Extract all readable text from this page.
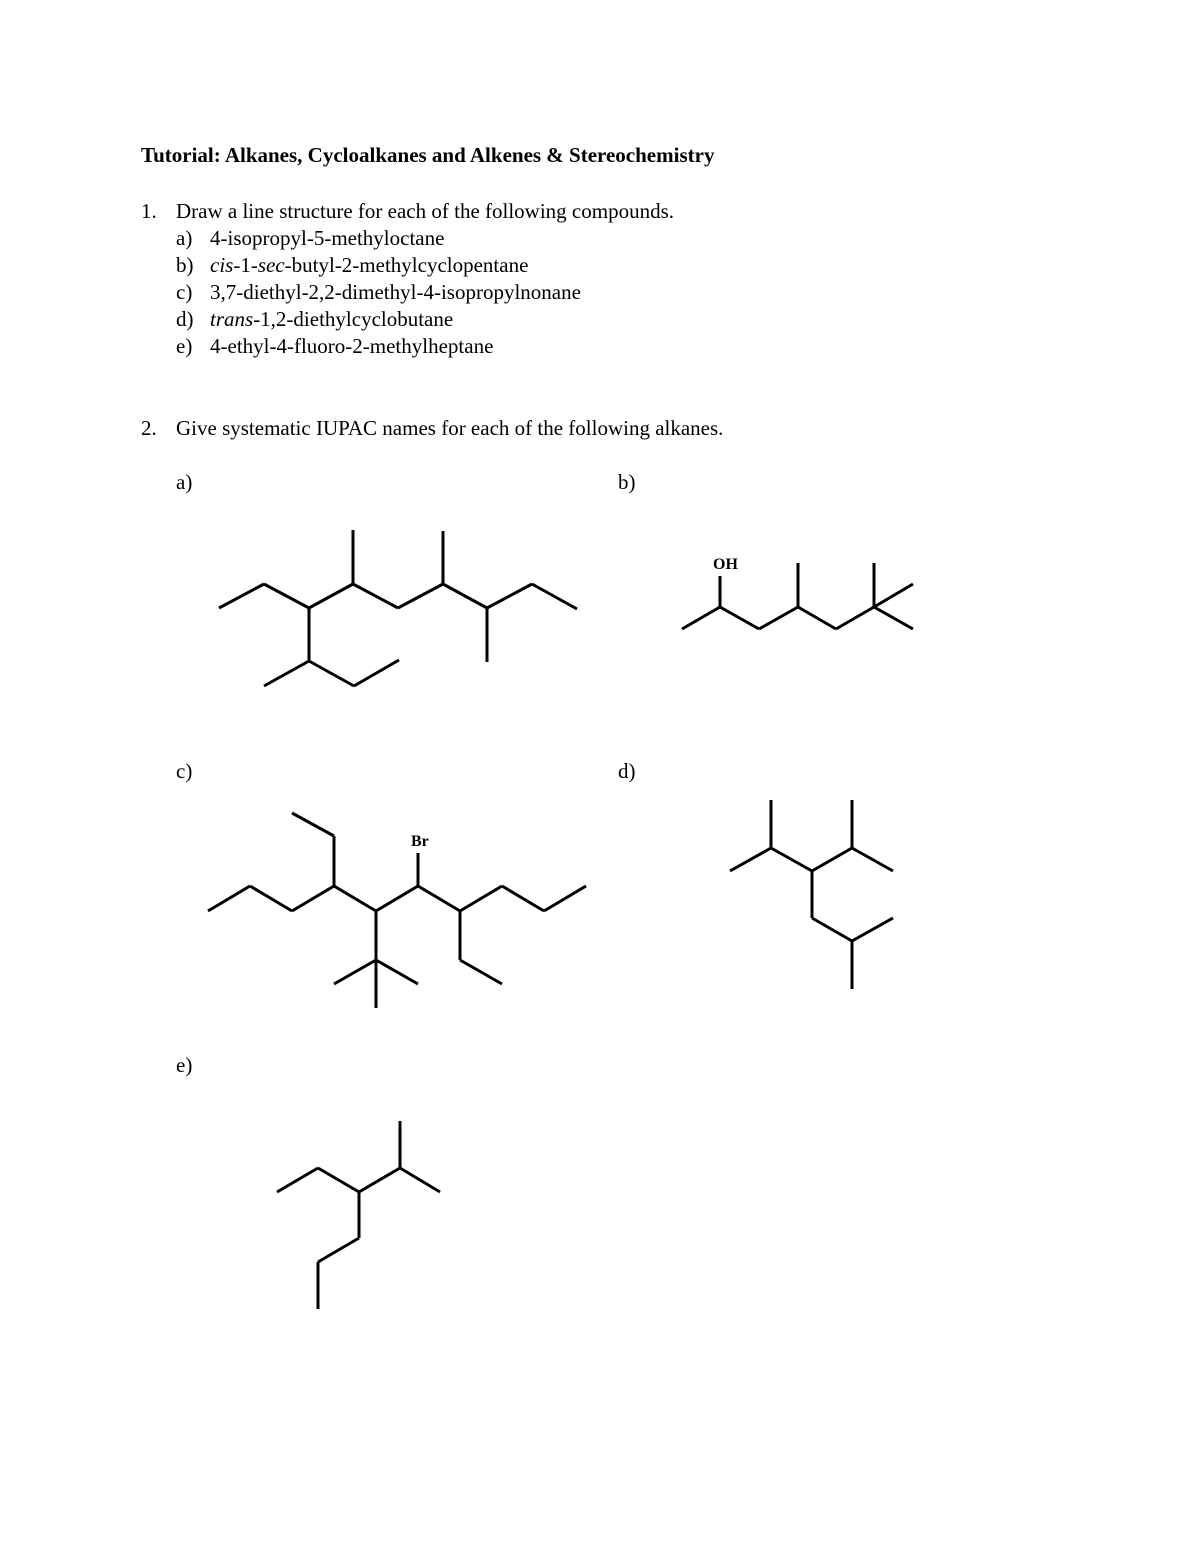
Tutorial: Alkanes, Cycloalkanes and Alkenes & Stereochemistry
1. Draw a line structure for each of the following compounds.
a) 4-isopropyl-5-methyloctane
b) cis-1-sec-butyl-2-methylcyclopentane
c) 3,7-diethyl-2,2-dimethyl-4-isopropylnonane
d) trans-1,2-diethylcyclobutane
e) 4-ethyl-4-fluoro-2-methylheptane
2. Give systematic IUPAC names for each of the following alkanes.
a)	b)
c)	d)
e)
OH
Br
